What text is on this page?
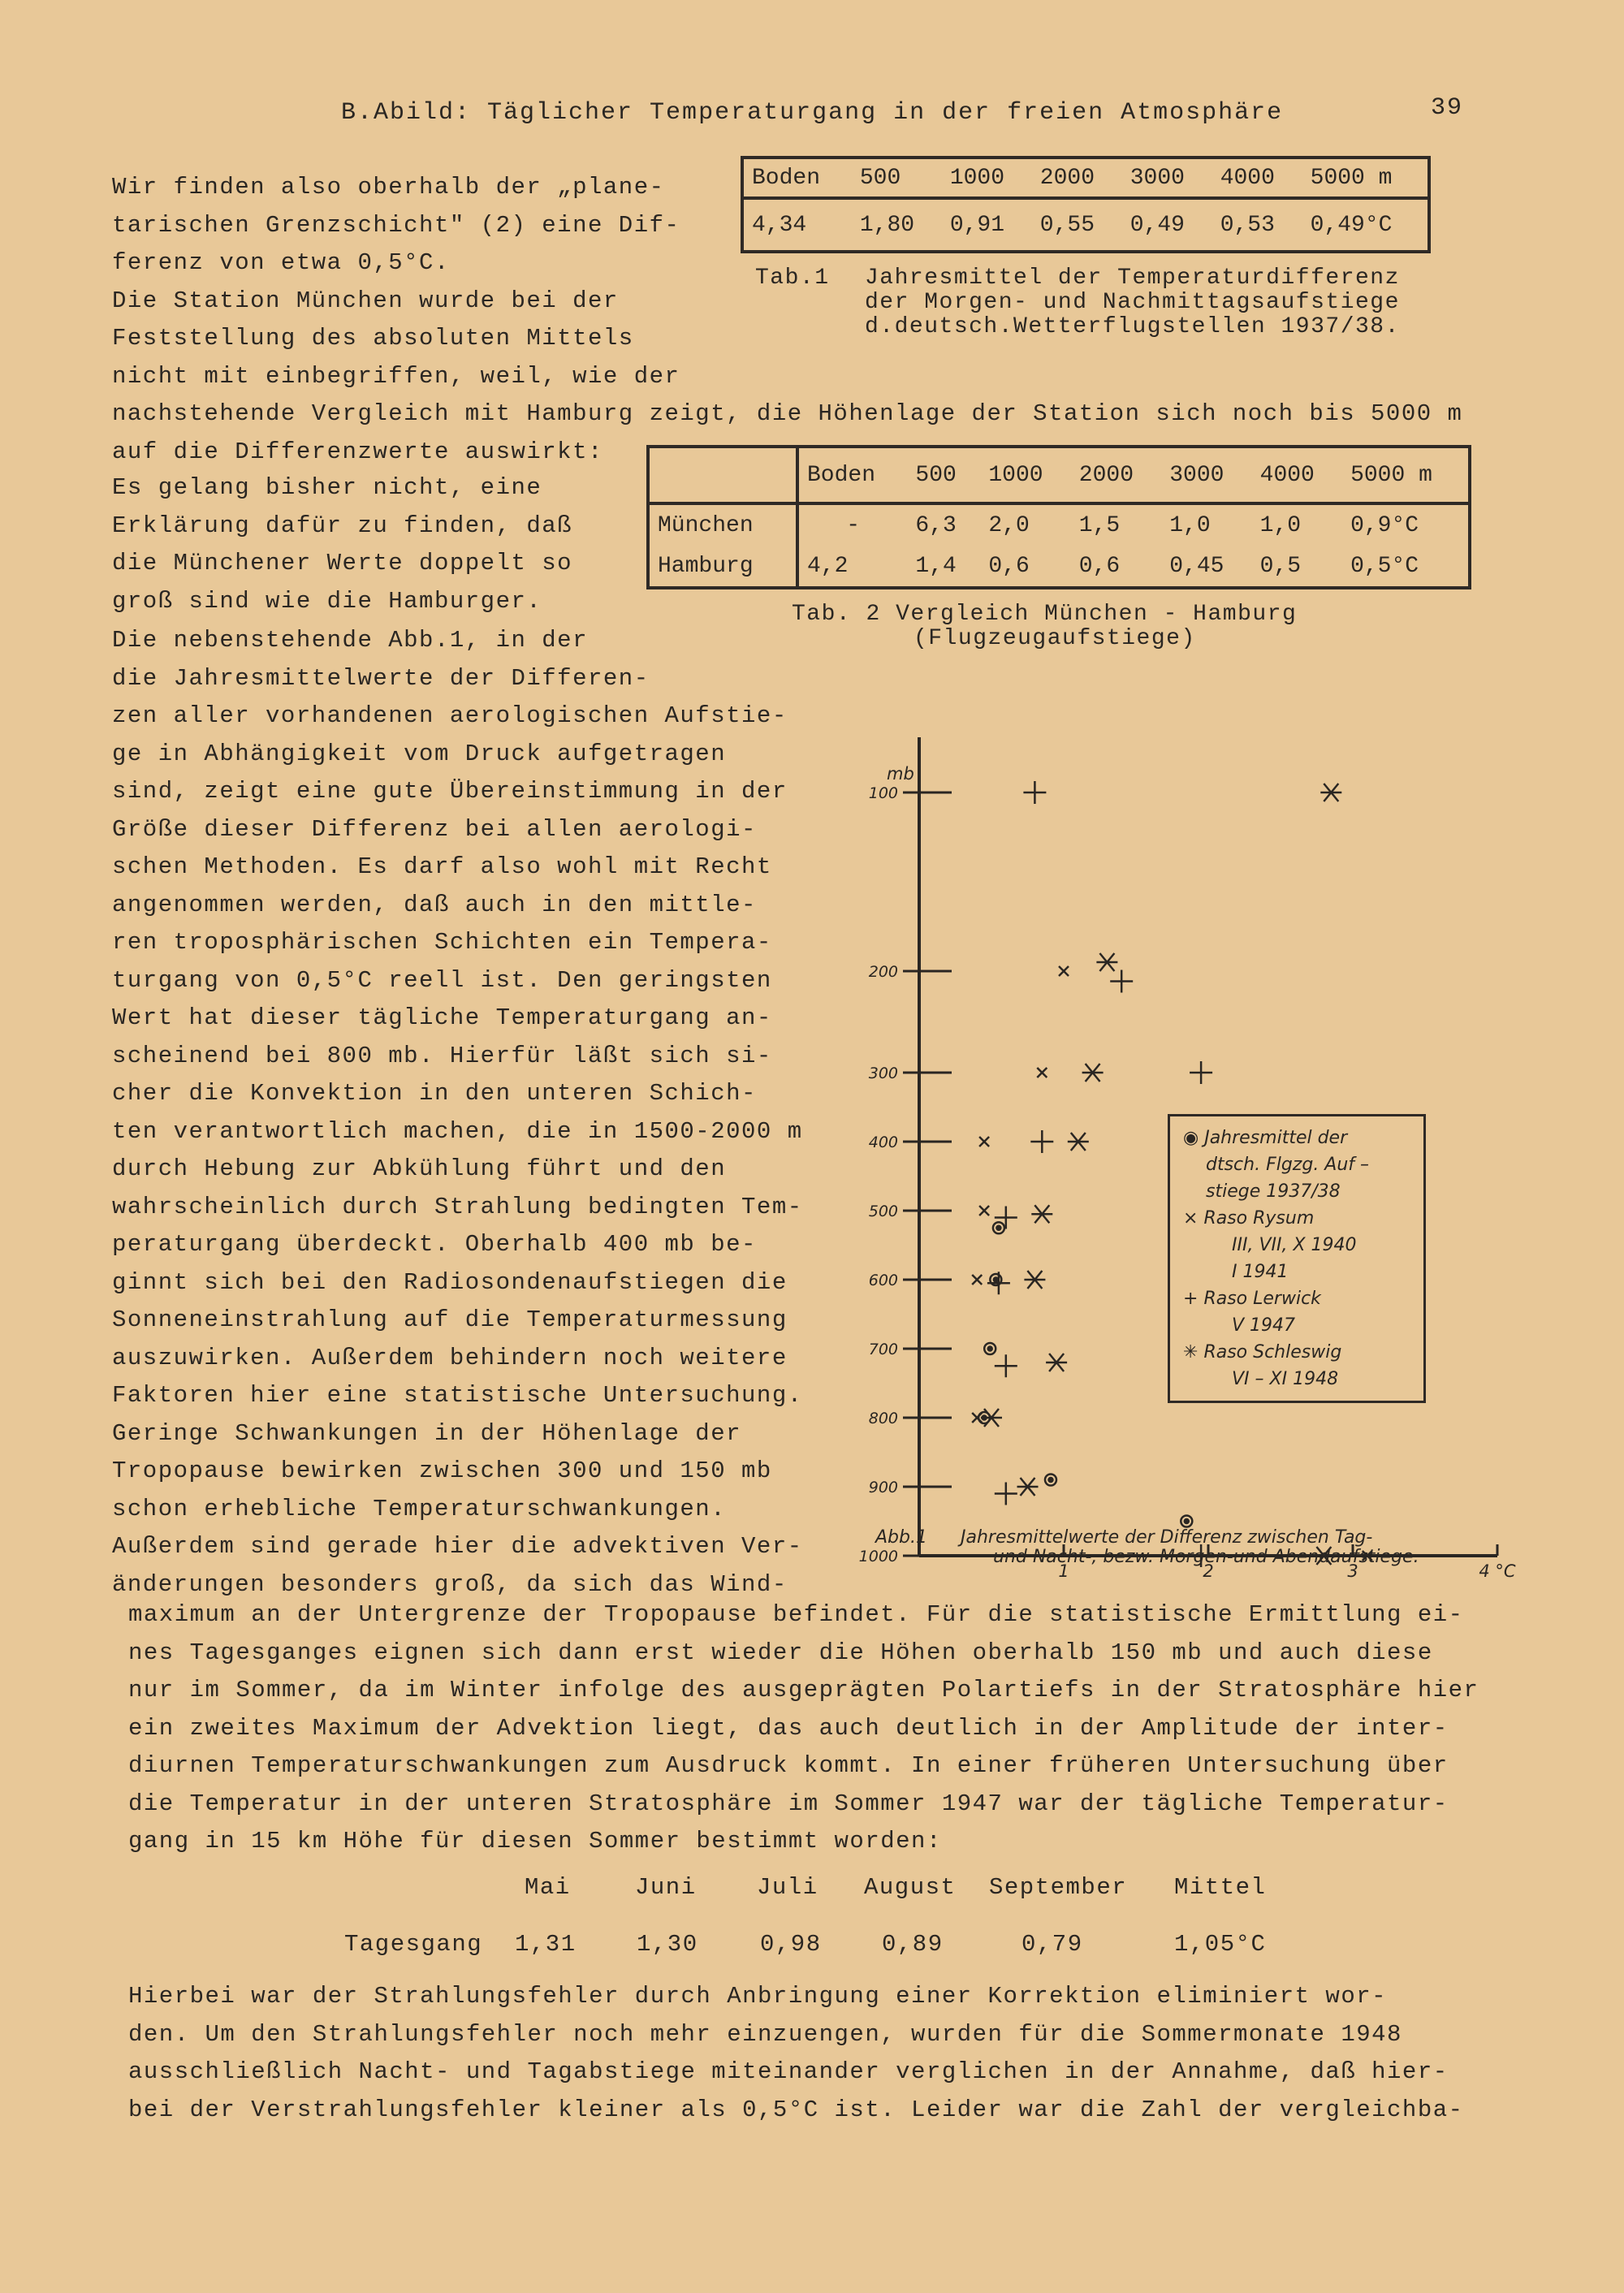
B.Abild: Täglicher Temperaturgang in der freien Atmosphäre	39
Wir finden also oberhalb der „plane-
tarischen Grenzschicht" (2) eine Dif-
ferenz von etwa 0,5°C.
Die Station München wurde bei der
Feststellung des absoluten Mittels
nicht mit einbegriffen, weil, wie der
nachstehende Vergleich mit Hamburg zeigt, die Höhenlage der Station sich noch bis 5000 m
auf die Differenzwerte auswirkt:
Boden	500	1000	2000	3000	4000	5000 m
4,34	1,80	0,91	0,55	0,49	0,53	0,49°C
Tab.1 Jahresmittel der Temperaturdifferenz
der Morgen- und Nachmittagsaufstiege
d.deutsch.Wetterflugstellen 1937/38.
Es gelang bisher nicht, eine
Erklärung dafür zu finden, daß
die Münchener Werte doppelt so
groß sind wie die Hamburger.
	Boden	500	1000	2000	3000	4000	5000 m
München	-	6,3	2,0	1,5	1,0	1,0	0,9°C
Hamburg	4,2	1,4	0,6	0,6	0,45	0,5	0,5°C
Tab. 2 Vergleich München - Hamburg
(Flugzeugaufstiege)
Die nebenstehende Abb.1, in der
die Jahresmittelwerte der Differen-
zen aller vorhandenen aerologischen Aufstie-
ge in Abhängigkeit vom Druck aufgetragen
sind, zeigt eine gute Übereinstimmung in der
Größe dieser Differenz bei allen aerologi-
schen Methoden. Es darf also wohl mit Recht
angenommen werden, daß auch in den mittle-
ren troposphärischen Schichten ein Tempera-
turgang von 0,5°C reell ist. Den geringsten
Wert hat dieser tägliche Temperaturgang an-
scheinend bei 800 mb. Hierfür läßt sich si-
cher die Konvektion in den unteren Schich-
ten verantwortlich machen, die in 1500-2000 m
durch Hebung zur Abkühlung führt und den
wahrscheinlich durch Strahlung bedingten Tem-
peraturgang überdeckt. Oberhalb 400 mb be-
ginnt sich bei den Radiosondenaufstiegen die
Sonneneinstrahlung auf die Temperaturmessung
auszuwirken. Außerdem behindern noch weitere
Faktoren hier eine statistische Untersuchung.
Geringe Schwankungen in der Höhenlage der
Tropopause bewirken zwischen 300 und 150 mb
schon erhebliche Temperaturschwankungen.
Außerdem sind gerade hier die advektiven Ver-
änderungen besonders groß, da sich das Wind-
mb
100
200
300
400
500
600
700
800
900
1000
1	2	3	4 °C
◉ Jahresmittel der
dtsch. Flgzg. Auf –
stiege 1937/38
× Raso Rysum
III, VII, X 1940
I 1941
+ Raso Lerwick
V 1947
✳ Raso Schleswig
VI – XI 1948
Abb.1 Jahresmittelwerte der Differenz zwischen Tag-
und Nacht-, bezw. Morgen-und Abendaufstiege.
maximum an der Untergrenze der Tropopause befindet. Für die statistische Ermittlung ei-
nes Tagesganges eignen sich dann erst wieder die Höhen oberhalb 150 mb und auch diese
nur im Sommer, da im Winter infolge des ausgeprägten Polartiefs in der Stratosphäre hier
ein zweites Maximum der Advektion liegt, das auch deutlich in der Amplitude der inter-
diurnen Temperaturschwankungen zum Ausdruck kommt. In einer früheren Untersuchung über
die Temperatur in der unteren Stratosphäre im Sommer 1947 war der tägliche Temperatur-
gang in 15 km Höhe für diesen Sommer bestimmt worden:
Mai	Juni	Juli August September Mittel
Tagesgang 1,31	1,30	0,98	0,89	0,79	1,05°C
Hierbei war der Strahlungsfehler durch Anbringung einer Korrektion eliminiert wor-
den. Um den Strahlungsfehler noch mehr einzuengen, wurden für die Sommermonate 1948
ausschließlich Nacht- und Tagabstiege miteinander verglichen in der Annahme, daß hier-
bei der Verstrahlungsfehler kleiner als 0,5°C ist. Leider war die Zahl der vergleichba-
